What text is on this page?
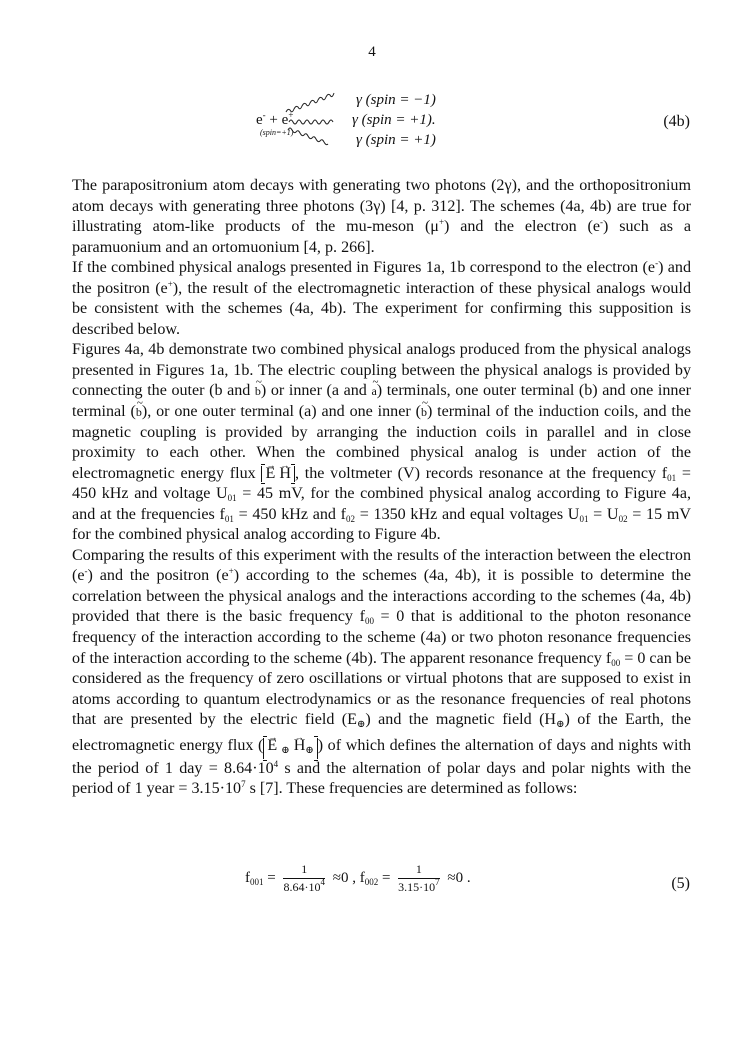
4
e- + e+
(spin=+1)
γ (spin = −1)
γ (spin = +1).
γ (spin = +1)
(4b)

The parapositronium atom decays with generating two photons (2γ), and the orthopositronium atom decays with generating three photons (3γ) [4, p. 312]. The schemes (4a, 4b) are true for illustrating atom-like products of the mu-meson (μ+) and the electron (e-) such as a paramuonium and an ortomuonium [4, p. 266].

If the combined physical analogs presented in Figures 1a, 1b correspond to the electron (e-) and the positron (e+), the result of the electromagnetic interaction of these physical analogs would be consistent with the schemes (4a, 4b). The experiment for confirming this supposition is described below.

Figures 4a, 4b demonstrate two combined physical analogs produced from the physical analogs presented in Figures 1a, 1b. The electric coupling between the physical analogs is provided by connecting the outer (b and ~ b) or inner (a and ~ a) terminals, one outer terminal (b) and one inner terminal (~ b), or one outer terminal (a) and one inner (~ b) terminal of the induction coils, and the magnetic coupling is provided by arranging the induction coils in parallel and in close proximity to each other. When the combined physical analog is under action of the electromagnetic energy flux → E → H , the voltmeter (V) records resonance at the frequency $f_{01} = 450$ kHz and voltage $U_{01} = 45$ mV, for the combined physical analog according to Figure 4a, and at the frequencies $f_{01} = 450$ kHz and $f_{02} = 1350$ kHz and equal voltages $U_{01} = U_{02} = 15$ mV for the combined physical analog according to Figure 4b.

Comparing the results of this experiment with the results of the interaction between the electron (e-) and the positron (e+) according to the schemes (4a, 4b), it is possible to determine the correlation between the physical analogs and the interactions according to the schemes (4a, 4b) provided that there is the basic frequency $f_{00} = 0$ that is additional to the photon resonance frequency of the interaction according to the scheme (4a) or two photon resonance frequencies of the interaction according to the scheme (4b). The apparent resonance frequency $f_{00} = 0$ can be considered as the frequency of zero oscillations or virtual photons that are supposed to exist in atoms according to quantum electrodynamics or as the resonance frequencies of real photons that are presented by the electric field (E⊕) and the magnetic field (H⊕) of the Earth, the electromagnetic energy flux ( → E ⊕ → H⊕ ) of which defines the alternation of days and nights with the period of 1 day = $8.64\cdot 10^4$ s and the alternation of polar days and polar nights with the period of 1 year = $3.15\cdot 10^7$ s [7]. These frequencies are determined as follows:

$f_{001} = \frac{1}{8.64\cdot 10^4} \approx 0$ , $f_{002} = \frac{1}{3.15\cdot 10^7} \approx 0$ .	(5)
